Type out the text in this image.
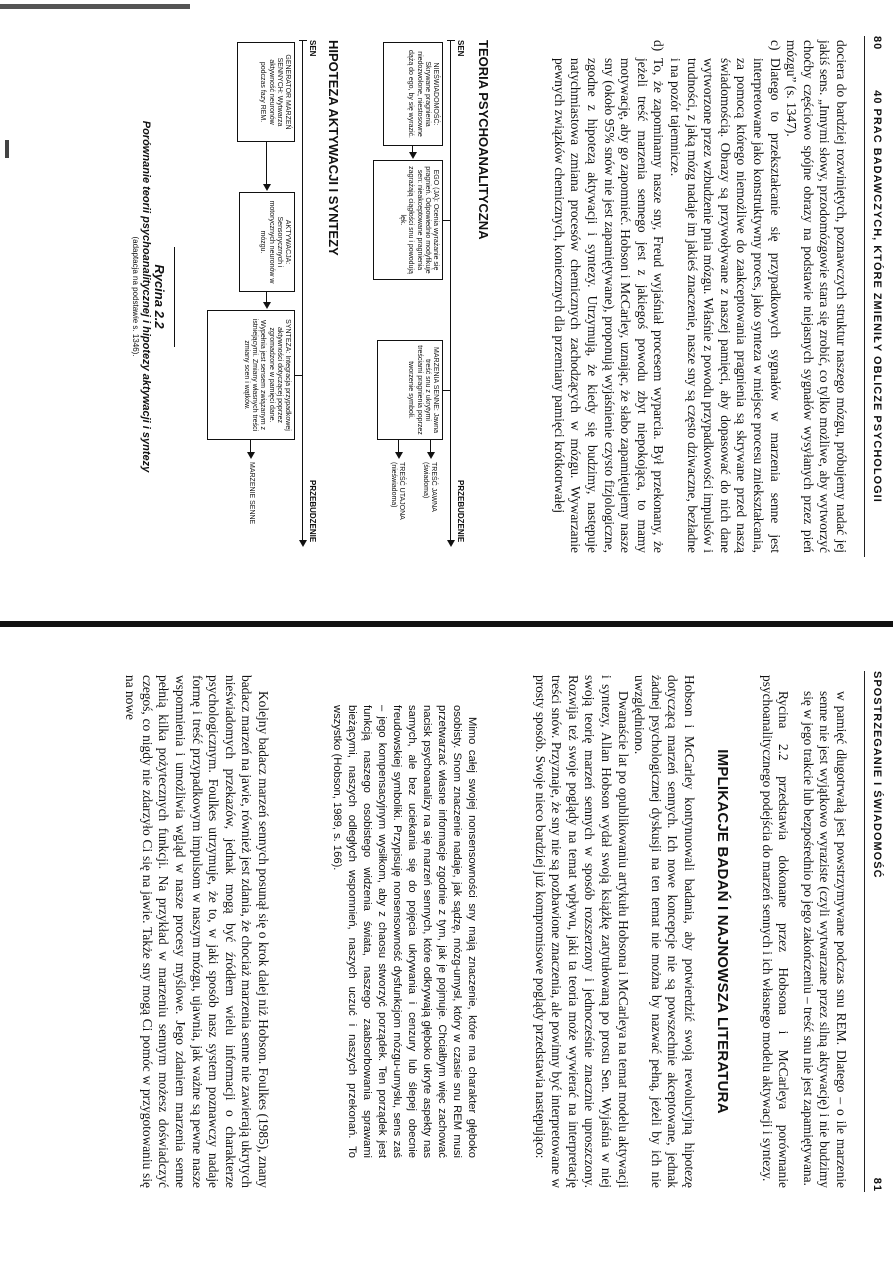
80
40 PRAC BADAWCZYCH, KTÓRE ZMIENIŁY OBLICZE PSYCHOLOGII

dociera do bardziej rozwiniętych, poznawczych struktur naszego mózgu, próbujemy nadać jej jakiś sens. „Innymi słowy, przodomózgowie stara się zrobić, co tylko możliwe, aby wytworzyć choćby częściowo spójne obrazy na podstawie niejasnych sygnałów wysyłanych przez pień mózgu” (s. 1347).

c)

Dlatego to przekształcanie się przypadkowych sygnałów w marzenia senne jest interpretowane jako konstruktywny proces, jako synteza w miejsce procesu zniekształcania, za pomocą którego niemożliwe do zaakceptowania pragnienia są skrywane przed naszą świadomością. Obrazy są przywoływane z naszej pamięci, aby dopasować do nich dane wytworzone przez wzbudzenie pnia mózgu. Właśnie z powodu przypadkowości impulsów i trudności, z jaką mózg nadaje im jakieś znaczenie, nasze sny są często dziwaczne, bezładne i na pozór tajemnicze.

d)

To, że zapominamy nasze sny, Freud wyjaśniał procesem wyparcia. Był przekonany, że jeżeli treść marzenia sennego jest z jakiegoś powodu zbyt niepokojąca, to mamy motywację, aby go zapomnieć. Hobson i McCarley, uznając, że słabo zapamiętujemy nasze sny (około 95% snów nie jest zapamiętywane), proponują wyjaśnienie czysto fizjologiczne, zgodne z hipotezą aktywacji i syntezy. Utrzymują, że kiedy się budzimy, następuje natychmiastowa zmiana procesów chemicznych zachodzących w mózgu. Wywarzanie pewnych związków chemicznych, koniecznych dla przemiany pamięci krótkotrwałej

TEORIA PSYCHOANALITYCZNA

SEN
PRZEBUDZENIE
NIEŚWIADOMOŚĆ: Skrywane pragnienia niedozwolone, niestosowne dążą do ego, by się wyrazić.
EGO (JA): Ocenia wyrażanie się pragnień. Odpowiednio modyfikuje sen: nieakceptowane pragnienia zagrażają ciągłości snu i powodują lęk.
MARZENIA SENNE: Jawna treść snu z ukrytymi treściami pragnienia poprzez tworzenie symboli.
TREŚĆ JAWNA (świadoma)
TREŚĆ UTAJONA (nieświadoma)

HIPOTEZA AKTYWACJI I SYNTEZY

SEN
PRZEBUDZENIE
GENERATOR MARZEŃ SENNYCH: Wytwarza aktywność neuronów podczas fazy REM.
AKTYWACJA: Sensorycznych i motorycznych neuronów w mózgu.
SYNTEZA: Integracja przypadkowej aktywności dotyczącej poprzez zgromadzone w pamięci dane. Wypełnia jest sensem związanym z istniejącymi. Zmiany własnych treści zmiany scen i wątków.
MARZENIE SENNE
Rycina 2.2
Porównanie teorii psychoanalitycznej i hipotezy aktywacji i syntezy
(adaptacja na podstawie s. 1346).
SPOSTRZEGANIE I ŚWIADOMOŚĆ
81

w pamięć długotrwałą jest powstrzymywane podczas snu REM. Dlatego – o ile marzenie senne nie jest wyjątkowo wyraziste (czyli wytwarzane przez silną aktywację) i nie budzimy się w jego trakcie lub bezpośrednio po jego zakończeniu – treść snu nie jest zapamiętywana.

Rycina 2.2 przedstawia dokonane przez Hobsona i McCarleya porównanie psychoanalitycznego podejścia do marzeń sennych i ich własnego modelu aktywacji i syntezy.

IMPLIKACJE BADAŃ I NAJNOWSZA LITERATURA

Hobson i McCarley kontynuowali badania, aby potwierdzić swoją rewolucyjną hipotezę dotyczącą marzeń sennych. Ich nowe koncepcje nie są powszechnie akceptowane, jednak żadnej psychologicznej dyskusji na ten temat nie można by nazwać pełną, jeżeli by ich nie uwzględniono.

Dwanaście lat po opublikowaniu artykułu Hobsona i McCarleya na temat modelu aktywacji i syntezy, Allan Hobson wydał swoją książkę zatytułowaną po prostu Sen. Wyjaśnia w niej swoją teorię marzeń sennych w sposób rozszerzony i jednocześnie znacznie uproszczony. Rozwija też swoje poglądy na temat wpływu, jaki ta teoria może wywierać na interpretację treści snów. Przyznaje, że sny nie są pozbawione znaczenia, ale powinny być interpretowane w prosty sposób. Swoje nieco bardziej już kompromisowe poglądy przedstawia następująco:

Mimo całej swojej nonsensowności sny mają znaczenie, które ma charakter głęboko osobisty. Snom znaczenie nadaje, jak sądzę, mózg-umysł, który w czasie snu REM musi przetwarzać własne informacje zgodnie z tym, jak je pojmuje. Chciałbym więc zachować nacisk psychoanalizy na się marzeń sennych, które odkrywają głęboko ukryte aspekty nas samych, ale bez uciekania się do pojęcia ukrywania i cenzury lub ślepej obecnie freudowskiej symboliki. Przypisuję nonsensowność dysfunkcjom mózgu-umysłu, sens zaś – jego kompensacyjnym wysiłkom, aby z chaosu stworzyć porządek. Ten porządek jest funkcją naszego osobistego widzenia świata, naszego zaabsorbowania sprawami bieżącymi, naszych odległych wspomnień, naszych uczuć i naszych przekonań. To wszystko (Hobson, 1989, s. 166).

Kolejny badacz marzeń sennych posunął się o krok dalej niż Hobson. Foulkes (1985), znany badacz marzeń na jawie, również jest zdania, że chociaż marzenia senne nie zawierają ukrytych nieświadomych przekazów, jednak mogą być źródłem wielu informacji o charakterze psychologicznym. Foulkes utrzymuje, że to, w jaki sposób nasz system poznawczy nadaje formę i treść przypadkowym impulsom w naszym mózgu, ujawnia, jak ważne są pewne nasze wspomnienia i umożliwia wgląd w nasze procesy myślowe. Jego zdaniem marzenia senne pełnią kilka pożytecznych funkcji. Na przykład w marzeniu sennym możesz doświadczyć czegoś, co nigdy nie zdarzyło Ci się na jawie. Także sny mogą Ci pomóc w przygotowaniu się na nowe
